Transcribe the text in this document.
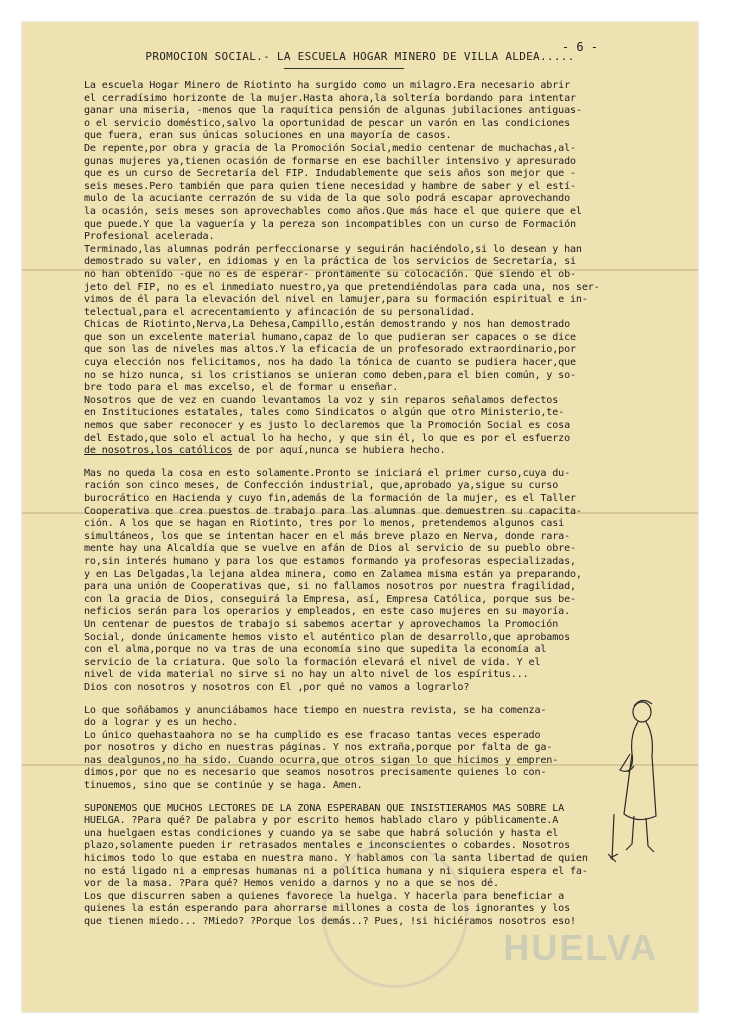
- 6 -
PROMOCION SOCIAL.- LA ESCUELA HOGAR MINERO DE VILLA ALDEA.....
La escuela Hogar Minero de Riotinto ha surgido como un milagro.Era necesario abrir
el cerradísimo horizonte de la mujer.Hasta ahora,la soltería bordando para intentar
ganar una miseria, -menos que la raquítica pensión de algunas jubilaciones antiguas-
o el servicio doméstico,salvo la oportunidad de pescar un varón en las condiciones
que fuera, eran sus únicas soluciones en una mayoría de casos.
De repente,por obra y gracia de la Promoción Social,medio centenar de muchachas,al-
gunas mujeres ya,tienen ocasión de formarse en ese bachiller intensivo y apresurado
que es un curso de Secretaría del FIP. Indudablemente que seis años son mejor que -
seis meses.Pero también que para quien tiene necesidad y hambre de saber y el estí-
mulo de la acuciante cerrazón de su vida de la que solo podrá escapar aprovechando
la ocasión, seis meses son aprovechables como años.Que más hace el que quiere que el
que puede.Y que la vaguería y la pereza son incompatibles con un curso de Formación
Profesional acelerada.
Terminado,las alumnas podrán perfeccionarse y seguirán haciéndolo,si lo desean y han
demostrado su valer, en idiomas y en la práctica de los servicios de Secretaría, si
no han obtenido -que no es de esperar- prontamente su colocación. Que siendo el ob-
jeto del FIP, no es el inmediato nuestro,ya que pretendiéndolas para cada una, nos ser-
vimos de él para la elevación del nivel en lamujer,para su formación espiritual e in-
telectual,para el acrecentamiento y afincación de su personalidad.
Chicas de Riotinto,Nerva,La Dehesa,Campillo,están demostrando y nos han demostrado
que son un excelente material humano,capaz de lo que pudieran ser capaces o se dice
que son las de niveles mas altos.Y la eficacia de un profesorado extraordinario,por
cuya elección nos felicitamos, nos ha dado la tónica de cuanto se pudiera hacer,que
no se hizo nunca, si los cristianos se unieran como deben,para el bien común, y so-
bre todo para el mas excelso, el de formar u enseñar.
Nosotros que de vez en cuando levantamos la voz y sin reparos señalamos defectos
en Instituciones estatales, tales como Sindicatos o algún que otro Ministerio,te-
nemos que saber reconocer y es justo lo declaremos que la Promoción Social es cosa
del Estado,que solo el actual lo ha hecho, y que sin él, lo que es por el esfuerzo
de nosotros,los católicos de por aquí,nunca se hubiera hecho.
Mas no queda la cosa en esto solamente.Pronto se iniciará el primer curso,cuya du-
ración son cinco meses, de Confección industrial, que,aprobado ya,sigue su curso
burocrático en Hacienda y cuyo fin,además de la formación de la mujer, es el Taller
Cooperativa que crea puestos de trabajo para las alumnas que demuestren su capacita-
ción. A los que se hagan en Riotinto, tres por lo menos, pretendemos algunos casi
simultáneos, los que se intentan hacer en el más breve plazo en Nerva, donde rara-
mente hay una Alcaldía que se vuelve en afán de Dios al servicio de su pueblo obre-
ro,sin interés humano y para los que estamos formando ya profesoras especializadas,
y en Las Delgadas,la lejana aldea minera, como en Zalamea misma están ya preparando,
para una unión de Cooperativas que, si no fallamos nosotros por nuestra fragilidad,
con la gracia de Dios, conseguirá la Empresa, así, Empresa Católica, porque sus be-
neficios serán para los operarios y empleados, en este caso mujeres en su mayoría.
Un centenar de puestos de trabajo si sabemos acertar y aprovechamos la Promoción
Social, donde únicamente hemos visto el auténtico plan de desarrollo,que aprobamos
con el alma,porque no va tras de una economía sino que supedita la economía al
servicio de la criatura. Que solo la formación elevará el nivel de vida. Y el
nivel de vida material no sirve si no hay un alto nivel de los espíritus...
Dios con nosotros y nosotros con El ,por qué no vamos a lograrlo?
Lo que soñábamos y anunciábamos hace tiempo en nuestra revista, se ha comenza-
do a lograr y es un hecho.
Lo único quehastaahora no se ha cumplido es ese fracaso tantas veces esperado
por nosotros y dicho en nuestras páginas. Y nos extraña,porque por falta de ga-
nas dealgunos,no ha sido. Cuando ocurra,que otros sigan lo que hicimos y empren-
dimos,por que no es necesario que seamos nosotros precisamente quienes lo con-
tinuemos, sino que se continúe y se haga. Amen.
SUPONEMOS QUE MUCHOS LECTORES DE LA ZONA ESPERABAN QUE INSISTIERAMOS MAS SOBRE LA
HUELGA. ?Para qué? De palabra y por escrito hemos hablado claro y públicamente.A
una huelgaen estas condiciones y cuando ya se sabe que habrá solución y hasta el
plazo,solamente pueden ir retrasados mentales e inconscientes o cobardes. Nosotros
hicimos todo lo que estaba en nuestra mano. Y hablamos con la santa libertad de quien
no está ligado ni a empresas humanas ni a política humana y ni siquiera espera el fa-
vor de la masa. ?Para qué? Hemos venido a darnos y no a que se nos dé.
Los que discurren saben a quienes favorece la huelga. Y hacerla para beneficiar a
quienes la están esperando para ahorrarse millones a costa de los ignorantes y los
que tienen miedo... ?Miedo? ?Porque los demás..? Pues, !si hiciéramos nosotros eso!
HUELVA
